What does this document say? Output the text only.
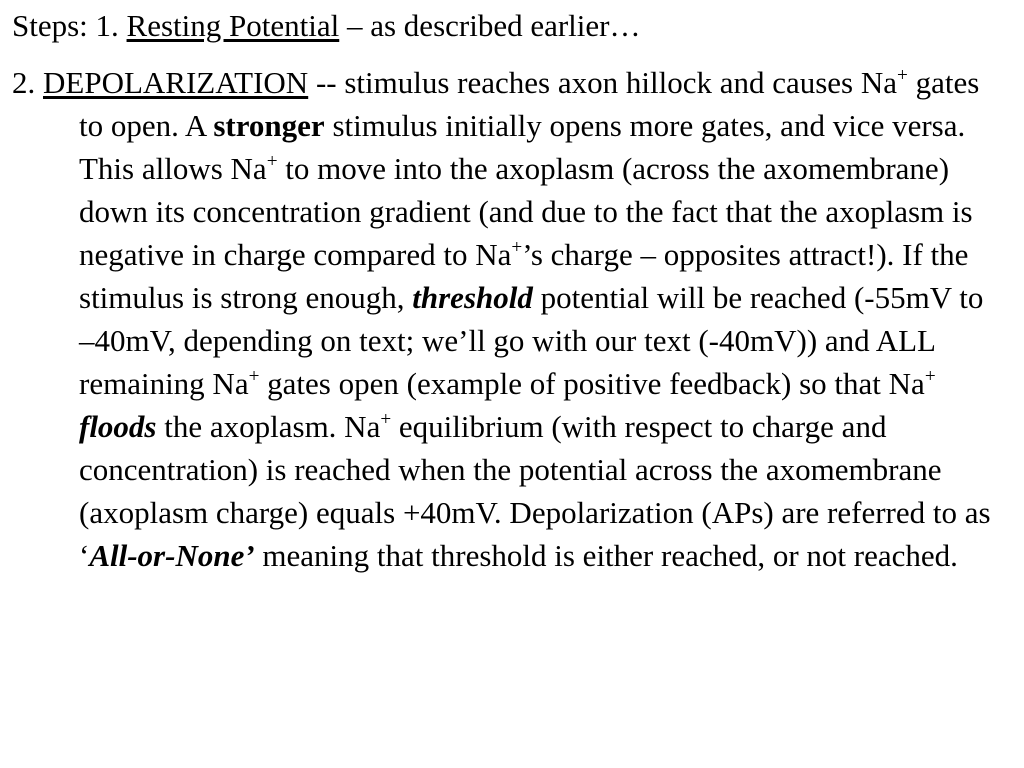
Steps: 1. Resting Potential – as described earlier…
2. DEPOLARIZATION -- stimulus reaches axon hillock and causes Na+ gates to open. A stronger stimulus initially opens more gates, and vice versa. This allows Na+ to move into the axoplasm (across the axomembrane) down its concentration gradient (and due to the fact that the axoplasm is negative in charge compared to Na+’s charge – opposites attract!). If the stimulus is strong enough, threshold potential will be reached (-55mV to –40mV, depending on text; we’ll go with our text (-40mV)) and ALL remaining Na+ gates open (example of positive feedback) so that Na+ floods the axoplasm. Na+ equilibrium (with respect to charge and concentration) is reached when the potential across the axomembrane (axoplasm charge) equals +40mV. Depolarization (APs) are referred to as ‘All-or-None’ meaning that threshold is either reached, or not reached.
